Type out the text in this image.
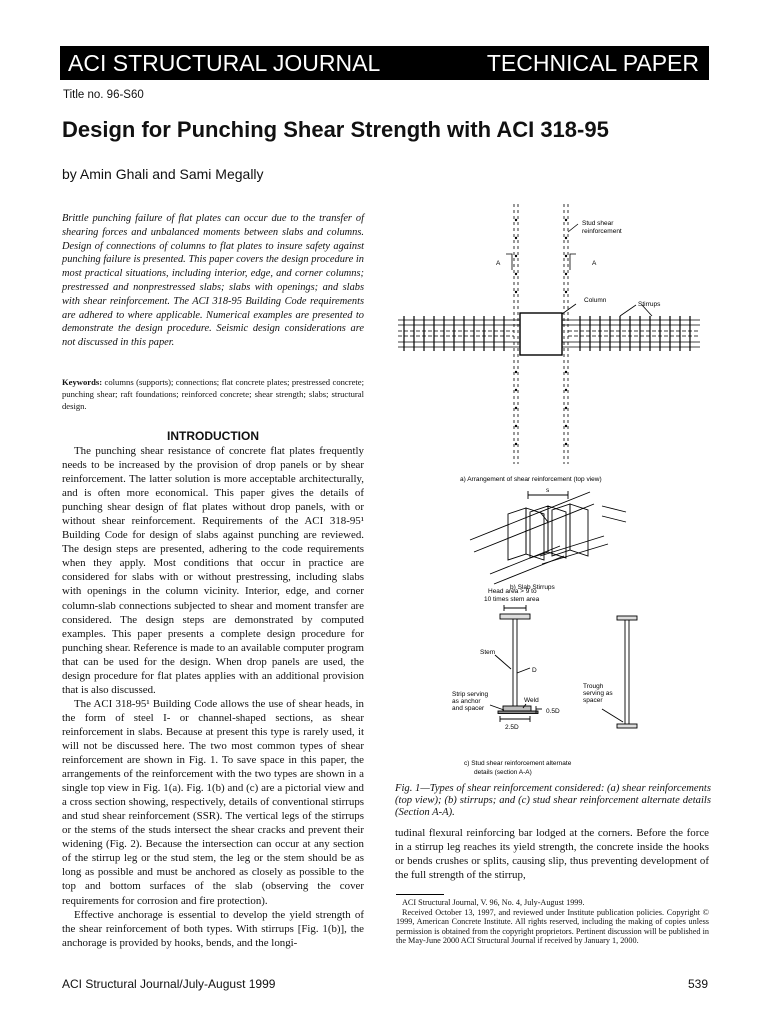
ACI STRUCTURAL JOURNAL	TECHNICAL PAPER
Title no. 96-S60
Design for Punching Shear Strength with ACI 318-95
by Amin Ghali and Sami Megally

Brittle punching failure of flat plates can occur due to the transfer of shearing forces and unbalanced moments between slabs and columns. Design of connections of columns to flat plates to insure safety against punching failure is presented. This paper covers the design procedure in most practical situations, including interior, edge, and corner columns; prestressed and nonprestressed slabs; slabs with openings; and slabs with shear reinforcement. The ACI 318-95 Building Code requirements are adhered to where applicable. Numerical examples are presented to demonstrate the design procedure. Seismic design considerations are not discussed in this paper.

Keywords: columns (supports); connections; flat concrete plates; prestressed concrete; punching shear; raft foundations; reinforced concrete; shear strength; slabs; structural design.

INTRODUCTION

The punching shear resistance of concrete flat plates frequently needs to be increased by the provision of drop panels or by shear reinforcement. The latter solution is more acceptable architecturally, and is often more economical. This paper gives the details of punching shear design of flat plates without drop panels, with or without shear reinforcement. Requirements of the ACI 318-95¹ Building Code for design of slabs against punching are reviewed. The design steps are presented, adhering to the code requirements when they apply. Most conditions that occur in practice are considered for slabs with or without prestressing, including slabs with openings in the column vicinity. Interior, edge, and corner column-slab connections subjected to shear and moment transfer are considered. The design steps are demonstrated by computed examples. This paper presents a complete design procedure for punching shear. Reference is made to an available computer program that can be used for the design. When drop panels are used, the design procedure for flat plates applies with an additional provision that is also discussed.

The ACI 318-95¹ Building Code allows the use of shear heads, in the form of steel I- or channel-shaped sections, as shear reinforcement in slabs. Because at present this type is rarely used, it will not be discussed here. The two most common types of shear reinforcement are shown in Fig. 1. To save space in this paper, the arrangements of the reinforcement with the two types are shown in a single top view in Fig. 1(a). Fig. 1(b) and (c) are a pictorial view and a cross section showing, respectively, details of conventional stirrups and stud shear reinforcement (SSR). The vertical legs of the stirrups or the stems of the studs intersect the shear cracks and prevent their widening (Fig. 2). Because the intersection can occur at any section of the stirrup leg or the stud stem, the leg or the stem should be as long as possible and must be anchored as closely as possible to the top and bottom surfaces of the slab (observing the cover requirements for corrosion and fire protection).

Effective anchorage is essential to develop the yield strength of the shear reinforcement of both types. With stirrups [Fig. 1(b)], the anchorage is provided by hooks, bends, and the longi-

Stud shear
reinforcement
A	A
Column
Stirrups
a) Arrangement of shear reinforcement (top view)
s
b) Slab Stirrups
Head area > 9 to
10 times stem area
Stem
D
Strip serving
as anchor
and spacer
Weld
0.5D
2.5D
Trough
serving as
spacer
c) Stud shear reinforcement alternate
details (section A-A)

Fig. 1—Types of shear reinforcement considered: (a) shear reinforcements (top view); (b) stirrups; and (c) stud shear reinforcement alternate details (Section A-A).

tudinal flexural reinforcing bar lodged at the corners. Before the force in a stirrup leg reaches its yield strength, the concrete inside the hooks or bends crushes or splits, causing slip, thus preventing development of the full strength of the stirrup,

ACI Structural Journal, V. 96, No. 4, July-August 1999.
Received October 13, 1997, and reviewed under Institute publication policies. Copyright © 1999, American Concrete Institute. All rights reserved, including the making of copies unless permission is obtained from the copyright proprietors. Pertinent discussion will be published in the May-June 2000 ACI Structural Journal if received by January 1, 2000.
ACI Structural Journal/July-August 1999	539
